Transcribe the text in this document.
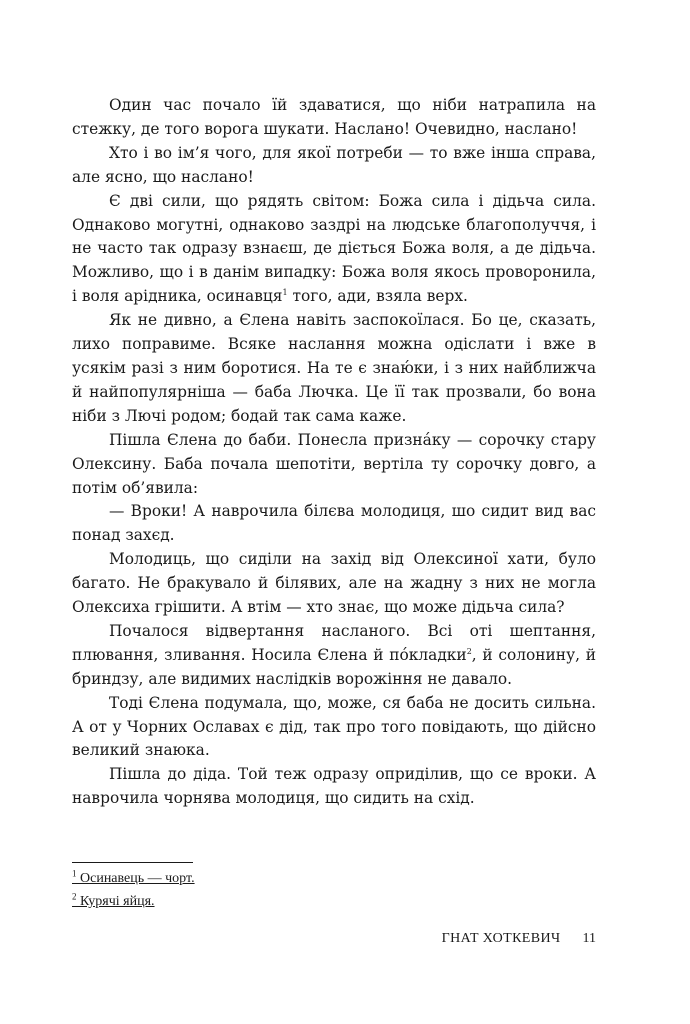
Один час почало їй здаватися, що ніби натрапила на стежку, де того ворога шукати. Наслано! Очевидно, наслано!

Хто і во ім’я чого, для якої потреби — то вже інша справа, але ясно, що наслано!

Є дві сили, що рядять світом: Божа сила і дідьча сила. Однаково могутні, однаково заздрі на людське благополуччя, і не часто так одразу взнаєш, де діється Божа воля, а де дідьча. Можливо, що і в данім випадку: Божа воля якось проворонила, і воля арідника, осинавця$^1$ того, ади, взяла верх.

Як не дивно, а Єлена навіть заспокоїлася. Бо це, сказать, лихо поправиме. Всяке наслання можна одіслати і вже в усякім разі з ним боротися. На те є знаю́ки, і з них найближча й найпопулярніша — баба Лючка. Це її так прозвали, бо вона ніби з Лючі родом; бодай так сама каже.

Пішла Єлена до баби. Понесла призна́ку — сорочку стару Олексину. Баба почала шепотіти, вертіла ту сорочку довго, а потім об’явила:

— Вроки! А наврочила білєва молодиця, шо сидит вид вас понад захєд.

Молодиць, що сиділи на захід від Олексиної хати, було багато. Не бракувало й білявих, але на жадну з них не могла Олексиха грішити. А втім — хто знає, що може дідьча сила?

Почалося відвертання насланого. Всі оті шептання, плювання, зливання. Носила Єлена й по́кладки$^2$, й солонину, й бриндзу, але видимих наслідків ворожіння не давало.

Тоді Єлена подумала, що, може, ся баба не досить сильна. А от у Чорних Ославах є дід, так про того повідають, що дійсно великий знаюка.

Пішла до діда. Той теж одразу опридiлив, що се вроки. А наврочила чорнява молодиця, що сидить на схід.

$^1$ Осинавець — чорт.
$^2$ Курячі яйця.
ГНАТ ХОТКЕВИЧ 11
